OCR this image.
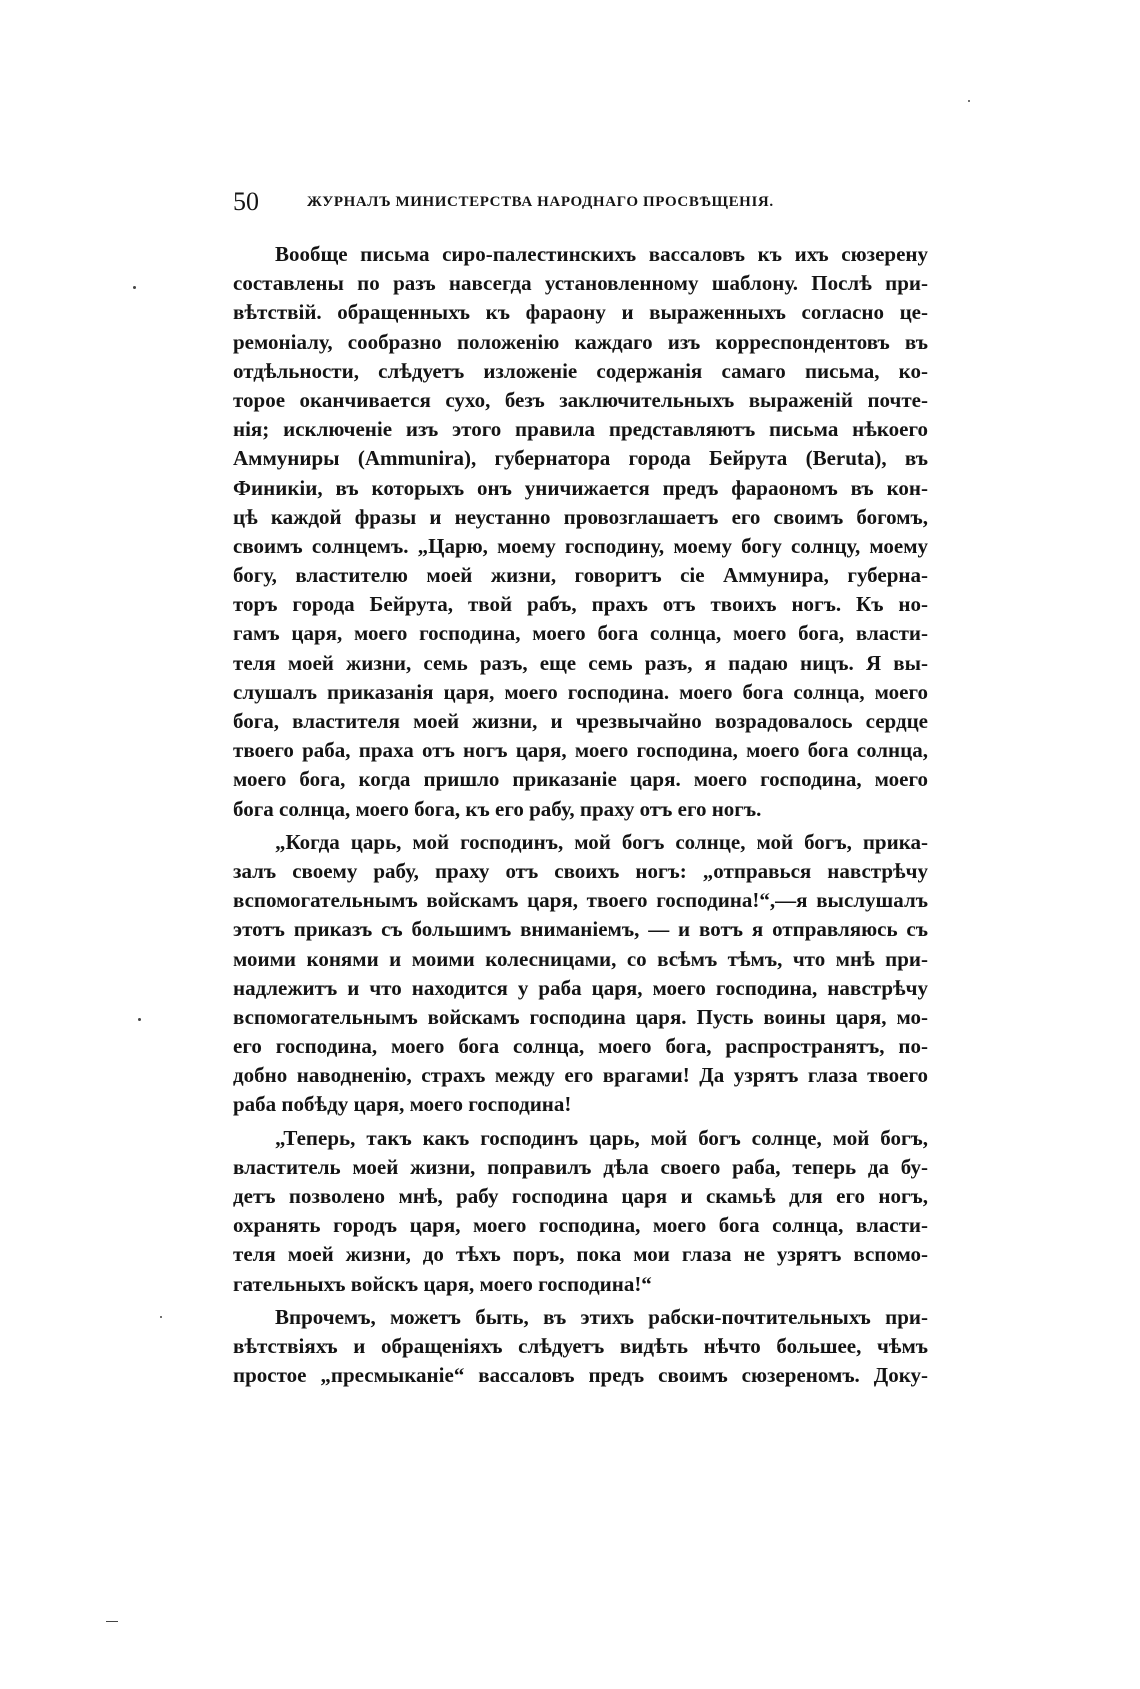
50	ЖУРНАЛЪ МИНИСТЕРСТВА НАРОДНАГО ПРОСВѢЩЕНІЯ.
Вообще письма сиро-палестинскихъ вассаловъ къ ихъ сюзерену
составлены по разъ навсегда установленному шаблону. Послѣ при-
вѣтствій. обращенныхъ къ фараону и выраженныхъ согласно це-
ремоніалу, сообразно положенію каждаго изъ корреспондентовъ въ
отдѣльности, слѣдуетъ изложеніе содержанія самаго письма, ко-
торое оканчивается сухо, безъ заключительныхъ выраженій почте-
нія; исключеніе изъ этого правила представляютъ письма нѣкоего
Аммуниры (Ammunira), губернатора города Бейрута (Beruta), въ
Финикіи, въ которыхъ онъ уничижается предъ фараономъ въ кон-
цѣ каждой фразы и неустанно провозглашаетъ его своимъ богомъ,
своимъ солнцемъ. „Царю, моему господину, моему богу солнцу, моему
богу, властителю моей жизни, говоритъ сіе Аммунира, губерна-
торъ города Бейрута, твой рабъ, прахъ отъ твоихъ ногъ. Къ но-
гамъ царя, моего господина, моего бога солнца, моего бога, власти-
теля моей жизни, семь разъ, еще семь разъ, я падаю ницъ. Я вы-
слушалъ приказанія царя, моего господина. моего бога солнца, моего
бога, властителя моей жизни, и чрезвычайно возрадовалось сердце
твоего раба, праха отъ ногъ царя, моего господина, моего бога солнца,
моего бога, когда пришло приказаніе царя. моего господина, моего
бога солнца, моего бога, къ его рабу, праху отъ его ногъ.
„Когда царь, мой господинъ, мой богъ солнце, мой богъ, прика-
залъ своему рабу, праху отъ своихъ ногъ: „отправься навстрѣчу
вспомогательнымъ войскамъ царя, твоего господина!“,—я выслушалъ
этотъ приказъ съ большимъ вниманіемъ, — и вотъ я отправляюсь съ
моими конями и моими колесницами, со всѣмъ тѣмъ, что мнѣ при-
надлежитъ и что находится у раба царя, моего господина, навстрѣчу
вспомогательнымъ войскамъ господина царя. Пусть воины царя, мо-
его господина, моего бога солнца, моего бога, распространятъ, по-
добно наводненію, страхъ между его врагами! Да узрятъ глаза твоего
раба побѣду царя, моего господина!
„Теперь, такъ какъ господинъ царь, мой богъ солнце, мой богъ,
властитель моей жизни, поправилъ дѣла своего раба, теперь да бу-
детъ позволено мнѣ, рабу господина царя и скамьѣ для его ногъ,
охранять городъ царя, моего господина, моего бога солнца, власти-
теля моей жизни, до тѣхъ поръ, пока мои глаза не узрятъ вспомо-
гательныхъ войскъ царя, моего господина!“
Впрочемъ, можетъ быть, въ этихъ рабски-почтительныхъ при-
вѣтствіяхъ и обращеніяхъ слѣдуетъ видѣть нѣчто большее, чѣмъ
простое „пресмыканіе“ вассаловъ предъ своимъ сюзереномъ. Доку-
